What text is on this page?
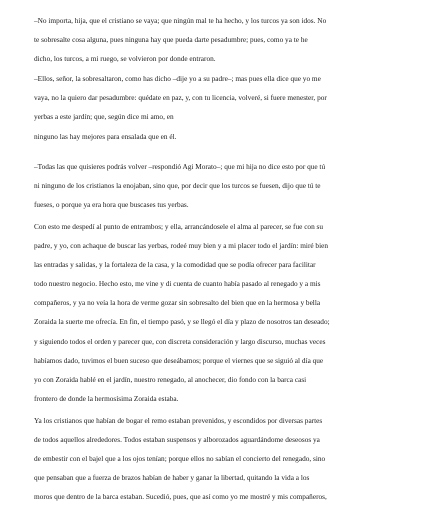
–No importa, hija, que el cristiano se vaya; que ningún mal te ha hecho, y los turcos ya son idos. No
te sobresalte cosa alguna, pues ninguna hay que pueda darte pesadumbre; pues, como ya te he
dicho, los turcos, a mi ruego, se volvieron por donde entraron.

–Ellos, señor, la sobresaltaron, como has dicho –dije yo a su padre–; mas pues ella dice que yo me
vaya, no la quiero dar pesadumbre: quédate en paz, y, con tu licencia, volveré, si fuere menester, por
yerbas a este jardín; que, según dice mi amo, en
ninguno las hay mejores para ensalada que en él.

–Todas las que quisieres podrás volver –respondió Agi Morato–; que mi hija no dice esto por que tú
ni ninguno de los cristianos la enojaban, sino que, por decir que los turcos se fuesen, dijo que tú te
fueses, o porque ya era hora que buscases tus yerbas.

Con esto me despedí al punto de entrambos; y ella, arrancándosele el alma al parecer, se fue con su
padre, y yo, con achaque de buscar las yerbas, rodeé muy bien y a mi placer todo el jardín: miré bien
las entradas y salidas, y la fortaleza de la casa, y la comodidad que se podía ofrecer para facilitar
todo nuestro negocio. Hecho esto, me vine y di cuenta de cuanto había pasado al renegado y a mis
compañeros, y ya no veía la hora de verme gozar sin sobresalto del bien que en la hermosa y bella
Zoraida la suerte me ofrecía. En fin, el tiempo pasó, y se llegó el día y plazo de nosotros tan deseado;
y siguiendo todos el orden y parecer que, con discreta consideración y largo discurso, muchas veces
habíamos dado, tuvimos el buen suceso que deseábamos; porque el viernes que se siguió al día que
yo con Zoraida hablé en el jardín, nuestro renegado, al anochecer, dio fondo con la barca casi
frontero de donde la hermosísima Zoraida estaba.

Ya los cristianos que habían de bogar el remo estaban prevenidos, y escondidos por diversas partes
de todos aquellos alrededores. Todos estaban suspensos y alborozados aguardándome deseosos ya
de embestir con el bajel que a los ojos tenían; porque ellos no sabían el concierto del renegado, sino
que pensaban que a fuerza de brazos habían de haber y ganar la libertad, quitando la vida a los
moros que dentro de la barca estaban. Sucedió, pues, que así como yo me mostré y mis compañeros,
